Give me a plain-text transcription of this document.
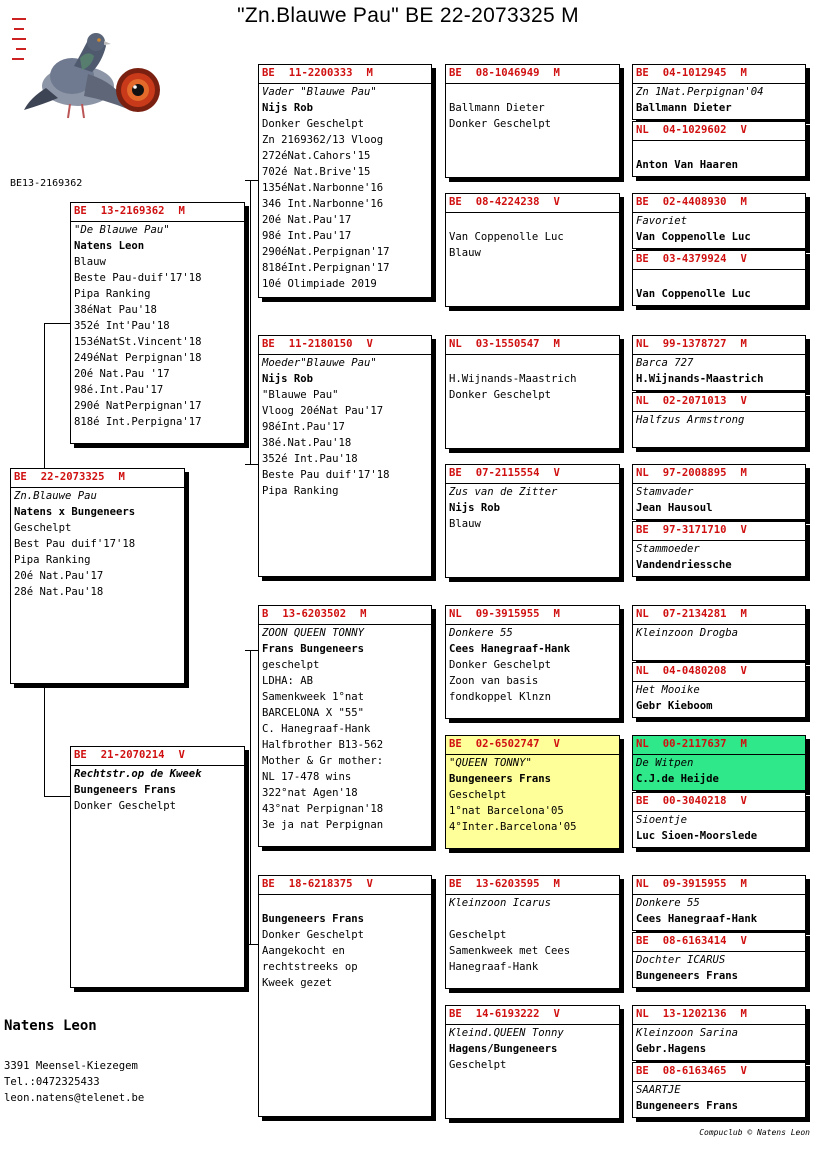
"Zn.Blauwe Pau" BE 22-2073325 M
BE13-2169362
BE 22-2073325 M
Zn.Blauwe Pau
Natens x Bungeneers
Geschelpt
Best Pau duif'17'18
Pipa Ranking
20é Nat.Pau'17
28é Nat.Pau'18
BE 13-2169362 M
"De Blauwe Pau"
Natens Leon
Blauw
Beste Pau-duif'17'18
Pipa Ranking
38éNat Pau'18
352é Int'Pau'18
153éNatSt.Vincent'18
249éNat Perpignan'18
20é Nat.Pau '17
98é.Int.Pau'17
290é NatPerpignan'17
818é Int.Perpigna'17
BE 21-2070214 V
Rechtstr.op de Kweek
Bungeneers Frans
Donker Geschelpt
BE 11-2200333 M
Vader "Blauwe Pau"
Nijs Rob
Donker Geschelpt
Zn 2169362/13 Vloog
272éNat.Cahors'15
702é Nat.Brive'15
135éNat.Narbonne'16
346 Int.Narbonne'16
20é Nat.Pau'17
98é Int.Pau'17
290éNat.Perpignan'17
818éInt.Perpignan'17
10é Olimpiade 2019
BE 11-2180150 V
Moeder"Blauwe Pau"
Nijs Rob
"Blauwe Pau"
Vloog 20éNat Pau'17
98éInt.Pau'17
38é.Nat.Pau'18
352é Int.Pau'18
Beste Pau duif'17'18
Pipa Ranking
B 13-6203502 M
ZOON QUEEN TONNY
Frans Bungeneers
geschelpt
LDHA: AB
Samenkweek 1°nat
BARCELONA X "55"
C. Hanegraaf-Hank
Halfbrother B13-562
Mother & Gr mother:
NL 17-478 wins
322°nat Agen'18
43°nat Perpignan'18
3e ja nat Perpignan
BE 18-6218375 V
Bungeneers Frans
Donker Geschelpt
Aangekocht en
rechtstreeks op
Kweek gezet
BE 08-1046949 M
Ballmann Dieter
Donker Geschelpt
BE 08-4224238 V
Van Coppenolle Luc
Blauw
NL 03-1550547 M
H.Wijnands-Maastrich
Donker Geschelpt
BE 07-2115554 V
Zus van de Zitter
Nijs Rob
Blauw
NL 09-3915955 M
Donkere 55
Cees Hanegraaf-Hank
Donker Geschelpt
Zoon van basis
fondkoppel Klnzn
BE 02-6502747 V
"QUEEN TONNY"
Bungeneers Frans
Geschelpt
1°nat Barcelona'05
4°Inter.Barcelona'05
BE 13-6203595 M
Kleinzoon Icarus
Geschelpt
Samenkweek met Cees
Hanegraaf-Hank
BE 14-6193222 V
Kleind.QUEEN Tonny
Hagens/Bungeneers
Geschelpt
BE 04-1012945 M
Zn 1Nat.Perpignan'04
Ballmann Dieter
NL 04-1029602 V
Anton Van Haaren
BE 02-4408930 M
Favoriet
Van Coppenolle Luc
BE 03-4379924 V
Van Coppenolle Luc
NL 99-1378727 M
Barca 727
H.Wijnands-Maastrich
NL 02-2071013 V
Halfzus Armstrong
NL 97-2008895 M
Stamvader
Jean Hausoul
BE 97-3171710 V
Stammoeder
Vandendriessche
NL 07-2134281 M
Kleinzoon Drogba
NL 04-0480208 V
Het Mooike
Gebr Kieboom
NL 00-2117637 M
De Witpen
C.J.de Heijde
BE 00-3040218 V
Sioentje
Luc Sioen-Moorslede
NL 09-3915955 M
Donkere 55
Cees Hanegraaf-Hank
BE 08-6163414 V
Dochter ICARUS
Bungeneers Frans
NL 13-1202136 M
Kleinzoon Sarina
Gebr.Hagens
BE 08-6163465 V
SAARTJE
Bungeneers Frans
Natens Leon
3391 Meensel-Kiezegem
Tel.:0472325433
leon.natens@telenet.be
Compuclub © Natens Leon
